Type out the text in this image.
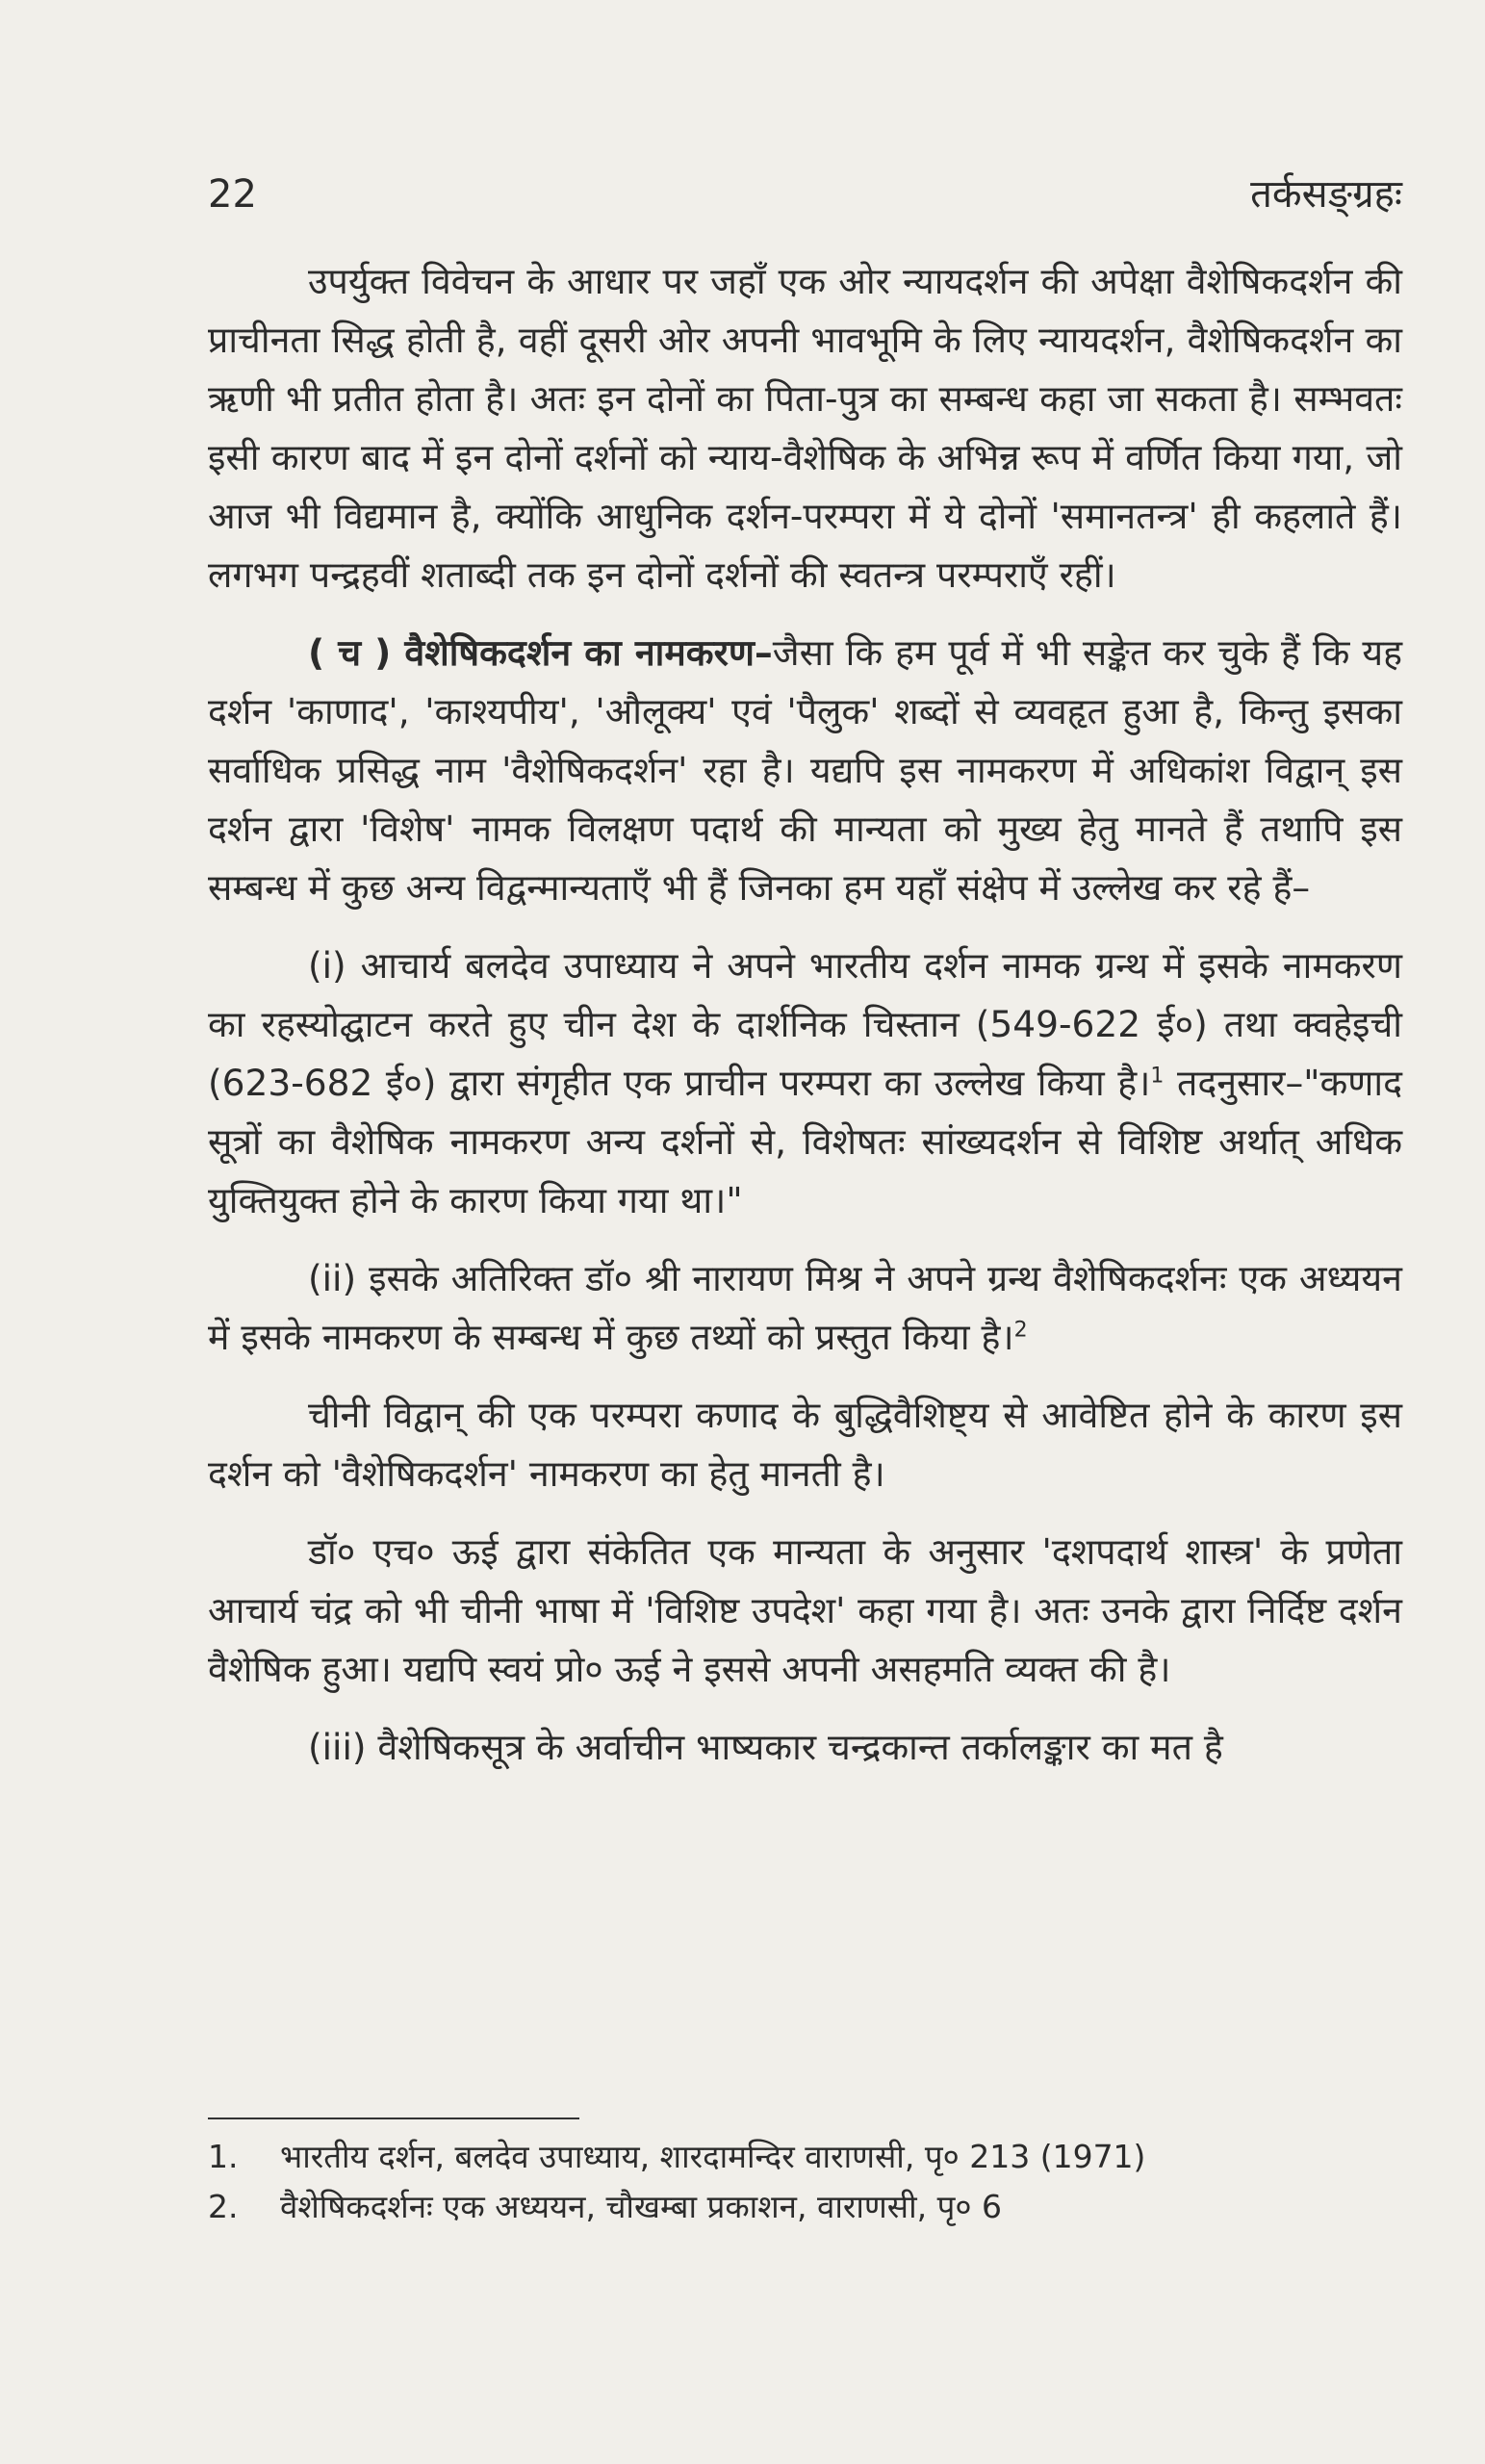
22	तर्कसङ्ग्रहः

उपर्युक्त विवेचन के आधार पर जहाँ एक ओर न्यायदर्शन की अपेक्षा वैशेषिकदर्शन की प्राचीनता सिद्ध होती है, वहीं दूसरी ओर अपनी भावभूमि के लिए न्यायदर्शन, वैशेषिकदर्शन का ऋणी भी प्रतीत होता है। अतः इन दोनों का पिता-पुत्र का सम्बन्ध कहा जा सकता है। सम्भवतः इसी कारण बाद में इन दोनों दर्शनों को न्याय-वैशेषिक के अभिन्न रूप में वर्णित किया गया, जो आज भी विद्यमान है, क्योंकि आधुनिक दर्शन-परम्परा में ये दोनों 'समानतन्त्र' ही कहलाते हैं। लगभग पन्द्रहवीं शताब्दी तक इन दोनों दर्शनों की स्वतन्त्र परम्पराएँ रहीं।

( च ) वैशेषिकदर्शन का नामकरण–जैसा कि हम पूर्व में भी सङ्केत कर चुके हैं कि यह दर्शन 'काणाद', 'काश्यपीय', 'औलूक्य' एवं 'पैलुक' शब्दों से व्यवहृत हुआ है, किन्तु इसका सर्वाधिक प्रसिद्ध नाम 'वैशेषिकदर्शन' रहा है। यद्यपि इस नामकरण में अधिकांश विद्वान् इस दर्शन द्वारा 'विशेष' नामक विलक्षण पदार्थ की मान्यता को मुख्य हेतु मानते हैं तथापि इस सम्बन्ध में कुछ अन्य विद्वन्मान्यताएँ भी हैं जिनका हम यहाँ संक्षेप में उल्लेख कर रहे हैं–

(i) आचार्य बलदेव उपाध्याय ने अपने भारतीय दर्शन नामक ग्रन्थ में इसके नामकरण का रहस्योद्घाटन करते हुए चीन देश के दार्शनिक चिस्तान (549-622 ई०) तथा क्वहेइची (623-682 ई०) द्वारा संगृहीत एक प्राचीन परम्परा का उल्लेख किया है।$^1$ तदनुसार–"कणाद सूत्रों का वैशेषिक नामकरण अन्य दर्शनों से, विशेषतः सांख्यदर्शन से विशिष्ट अर्थात् अधिक युक्तियुक्त होने के कारण किया गया था।"

(ii) इसके अतिरिक्त डॉ० श्री नारायण मिश्र ने अपने ग्रन्थ वैशेषिकदर्शनः एक अध्ययन में इसके नामकरण के सम्बन्ध में कुछ तथ्यों को प्रस्तुत किया है।$^2$

चीनी विद्वान् की एक परम्परा कणाद के बुद्धिवैशिष्ट्य से आवेष्टित होने के कारण इस दर्शन को 'वैशेषिकदर्शन' नामकरण का हेतु मानती है।

डॉ० एच० ऊई द्वारा संकेतित एक मान्यता के अनुसार 'दशपदार्थ शास्त्र' के प्रणेता आचार्य चंद्र को भी चीनी भाषा में 'विशिष्ट उपदेश' कहा गया है। अतः उनके द्वारा निर्दिष्ट दर्शन वैशेषिक हुआ। यद्यपि स्वयं प्रो० ऊई ने इससे अपनी असहमति व्यक्त की है।

(iii) वैशेषिकसूत्र के अर्वाचीन भाष्यकार चन्द्रकान्त तर्कालङ्कार का मत है

1. भारतीय दर्शन, बलदेव उपाध्याय, शारदामन्दिर वाराणसी, पृ० 213 (1971)
2. वैशेषिकदर्शनः एक अध्ययन, चौखम्बा प्रकाशन, वाराणसी, पृ० 6
